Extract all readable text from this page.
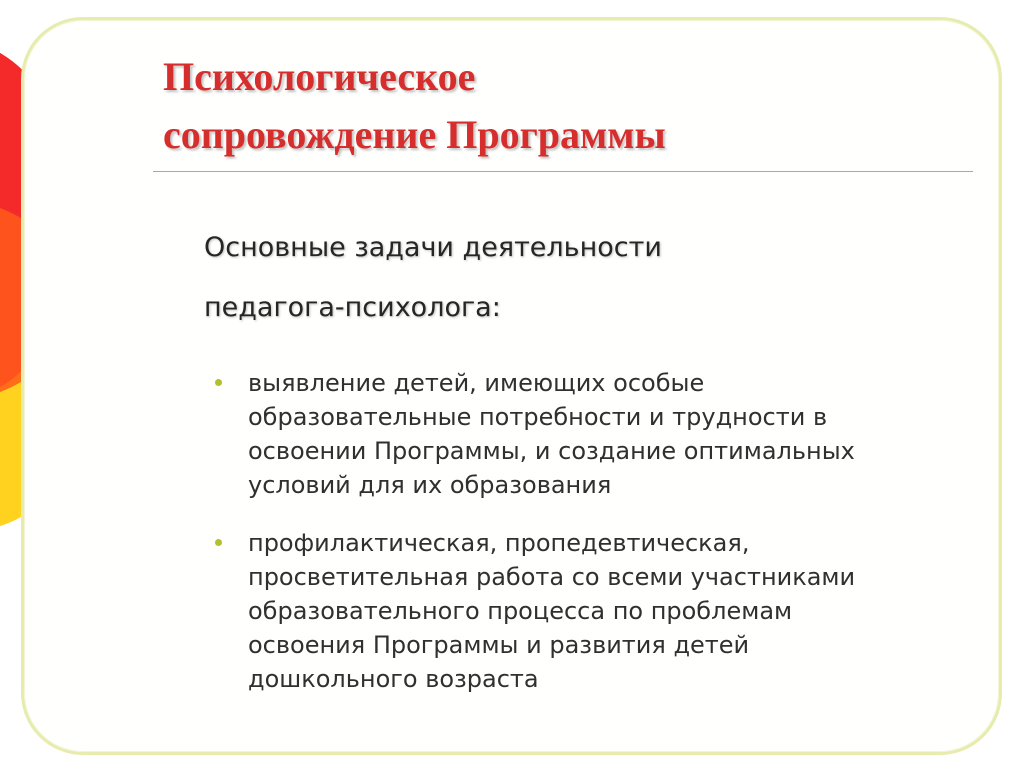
Психологическое
сопровождение Программы

Основные задачи деятельности
педагога-психолога:

выявление детей, имеющих особые
образовательные потребности и трудности в
освоении Программы, и создание оптимальных
условий для их образования
профилактическая, пропедевтическая,
просветительная работа со всеми участниками
образовательного процесса по проблемам
освоения Программы и развития детей
дошкольного возраста
